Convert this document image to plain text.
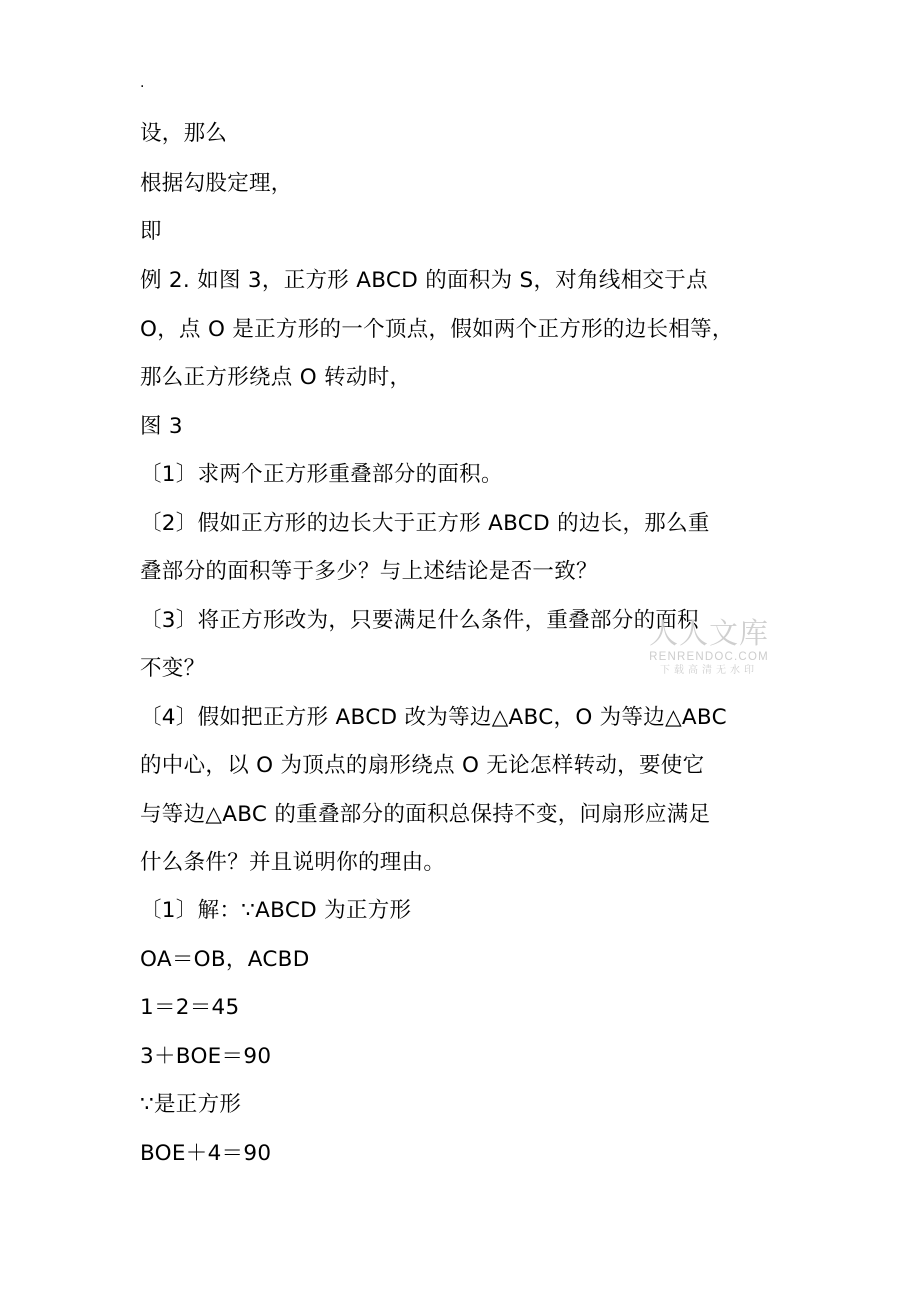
.
设，那么
根据勾股定理，
即
例 2. 如图 3，正方形 ABCD 的面积为 S，对角线相交于点
O，点 O 是正方形的一个顶点，假如两个正方形的边长相等，
那么正方形绕点 O 转动时，
图 3
〔1〕求两个正方形重叠部分的面积。
〔2〕假如正方形的边长大于正方形 ABCD 的边长，那么重
叠部分的面积等于多少？与上述结论是否一致？
〔3〕将正方形改为，只要满足什么条件，重叠部分的面积
不变？
〔4〕假如把正方形 ABCD 改为等边△ABC，O 为等边△ABC
的中心，以 O 为顶点的扇形绕点 O 无论怎样转动，要使它
与等边△ABC 的重叠部分的面积总保持不变，问扇形应满足
什么条件？并且说明你的理由。
〔1〕解：∵ABCD 为正方形
OA＝OB，ACBD
1＝2＝45
3＋BOE＝90
∵是正方形
BOE＋4＝90
人人文库
RENRENDOC.COM
下载高清无水印
